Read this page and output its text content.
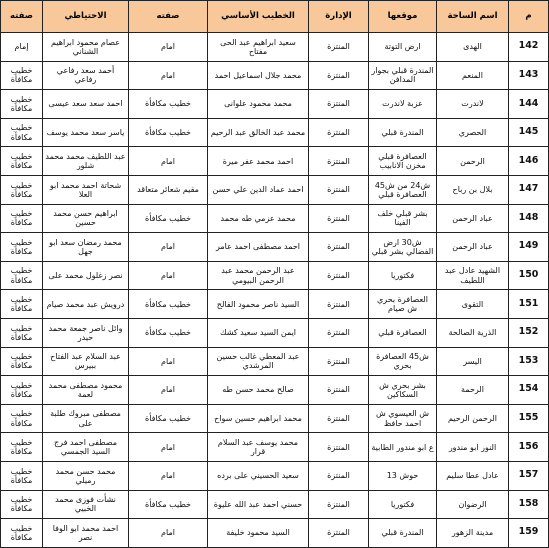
م	اسم الساحة	موقعها	الإدارة	الخطيب الأساسي	صفته	الاحتياطي	صفته
142	الهدى	ارض التوتة	المنتزة	سعيد ابراهيم عبد الحى مفتاح	امام	عصام محمود ابراهيم الشناني	إمام
143	المنعم	المندرة قبلي بجوار المدافن	المنتزة	محمد جلال اسماعيل احمد	امام	أحمد سعد رفاعي رفاعي	خطيب مكافأة
144	لاندرت	عزبة لاندرت	المنتزة	محمد محمود علوانى	خطيب مكافأة	احمد سعد سعد عيسى	خطيب مكافأة
145	الحصري	المندرة قبلي	المنتزة	محمد عبد الخالق عبد الرحيم	خطيب مكافأة	ياسر سعد محمد يوسف	خطيب مكافأة
146	الرحمن	العصافرة قبلي مخزن الانابيب	المنتزة	احمد محمد عفر ميرة	امام	عبد اللطيف محمد محمد شلور	خطيب مكافأة
147	بلال بن رباح	ش24 من ش45 العصافرة قبلي	المنتزة	احمد عماد الدين علي حسن	مقيم شعائر متعاقد	شحاتة احمد محمد ابو العلا	خطيب مكافأة
148	عباد الرحمن	بشر قبلي خلف الفينا	المنتزة	محمد عزمي طه محمد	خطيب مكافأة	ابراهيم حسن محمد حسين	خطيب مكافأة
149	عباد الرحمن	ش30 ارض الفضالي بشر قبلي	المنتزة	احمد مصطفى احمد عامر	امام	محمد رمضان سعد ابو جهل	خطيب مكافأة
150	الشهيد عادل عبد اللطيف	فكتوريا	المنتزة	عبد الرحمن محمد عبد الرحمن البيومي	امام	نصر زغلول محمد على	خطيب مكافأة
151	التقوى	العصافرة بحري ش صيام	المنتزة	السيد ناصر محمود الفالح	خطيب مكافأة	درويش عبد محمد صيام	خطيب مكافأة
152	الذرية الصالحة	العصافرة قبلي	المنتزة	ايمن السيد سعيد كشك	خطيب مكافأة	وائل ناصر جمعة محمد حيدر	خطيب مكافأة
153	اليسر	ش45 العصافرة بحري	المنتزة	عبد المعطي غالب حسين المرشدي	امام	عبد السلام عبد الفتاح ببيرس	خطيب مكافأة
154	الرحمة	بشر بحري ش السكاكين	المنتزة	صالح محمد حسن طه	امام	محمود مصطفى محمد لعمة	خطيب مكافأة
155	الرحمن الرحيم	ش العيسوي ش احمد حافظ	المنتزة	محمد ابراهيم حسين سواح	خطيب مكافأة	مصطفى مبروك طلبة على	خطيب مكافأة
156	النور ابو مندور	ع ابو مندور الطابية	المنتزة	محمد يوسف عبد السلام قرار	امام	مصطفى احمد فرج السيد الجمسي	خطيب مكافأة
157	عادل عطا سليم	حوش 13	المنتزة	سعيد الحسيني على برده	امام	محمد حسن محمد رميلي	خطيب مكافأة
158	الرضوان	فكتوريا	المنتزة	حسني احمد عبد الله عليوة	خطيب مكافأة	نشأت فوزى محمد الخبيي	خطيب مكافأة
159	مدينة الزهور	المندرة قبلي	المنتزة	السيد محمود خليفة	امام	احمد محمد ابو الوفا نصر	خطيب مكافأة
